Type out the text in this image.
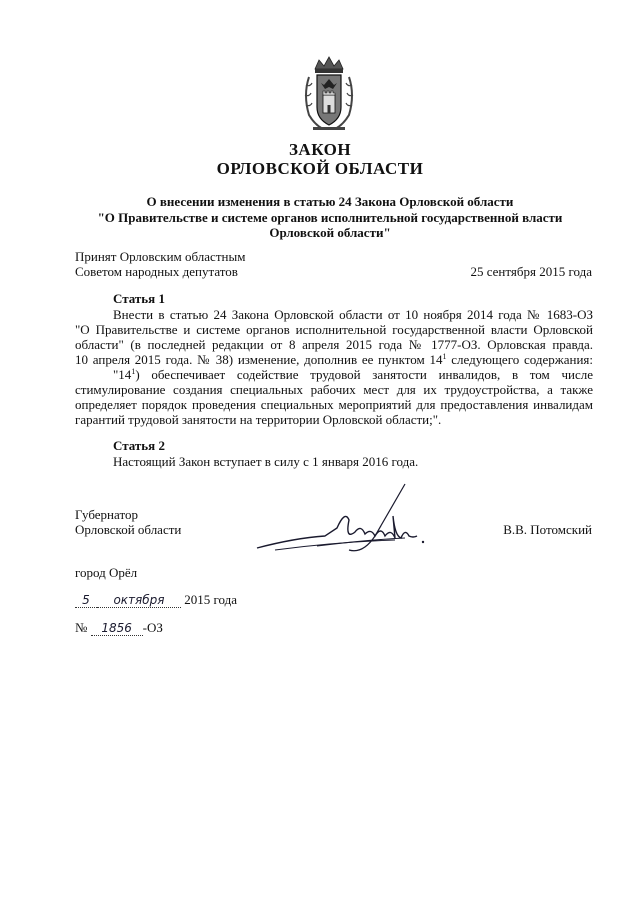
ЗАКОН
ОРЛОВСКОЙ ОБЛАСТИ
О внесении изменения в статью 24 Закона Орловской области
"О Правительстве и системе органов исполнительной государственной власти
Орловской области"
Принят Орловским областным
Советом народных депутатов	25 сентября 2015 года
Статья 1
Внести в статью 24 Закона Орловской области от 10 ноября 2014 года № 1683-ОЗ
"О Правительстве и системе органов исполнительной государственной власти Орловской
области" (в последней редакции от 8 апреля 2015 года № 1777-ОЗ. Орловская правда.
10 апреля 2015 года. № 38) изменение, дополнив ее пунктом $14^1$ следующего содержания:
"$14^1$) обеспечивает содействие трудовой занятости инвалидов, в том числе
стимулирование создания специальных рабочих мест для их трудоустройства, а также
определяет порядок проведения специальных мероприятий для предоставления инвалидам
гарантий трудовой занятости на территории Орловской области;".
Статья 2
Настоящий Закон вступает в силу с 1 января 2016 года.
Губернатор
Орловской области	В.В. Потомский
город Орёл
5 октября 2015 года
№ 1856 -ОЗ
